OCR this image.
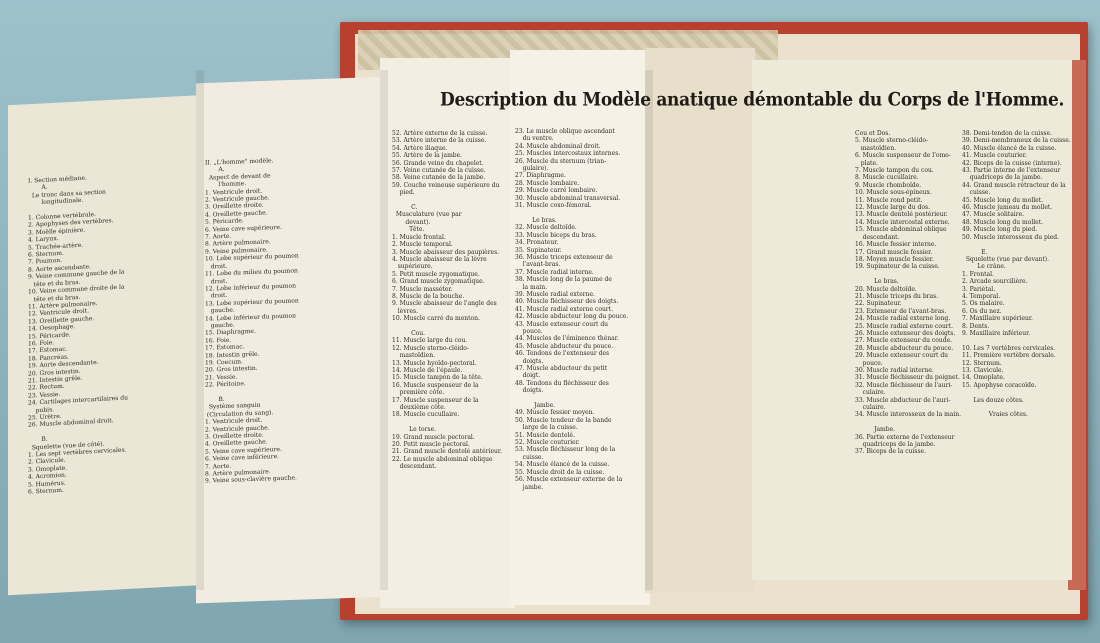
Description du Modèle anatique démontable du Corps de l'Homme.
I. Section médiane.
A.
Le tronc dans sa section
longitudinale.

1. Colonne vertébrale.
2. Apophyses des vertèbres.
3. Moëlle épinière.
4. Larynx.
5. Trachée-artère.
6. Sternum.
7. Poumon.
8. Aorte ascendante.
9. Veine commune gauche de la
tête et du bras.
10. Veine commune droite de la
tête et du bras.
11. Artère pulmonaire.
12. Ventricule droit.
13. Oreillette gauche.
14. Oesophage.
15. Péricarde.
16. Foie.
17. Estomac.
18. Pancréas.
19. Aorte descendante.
20. Gros intestin.
21. Intestin grêle.
22. Rectum.
23. Vessie.
24. Cartilages intercartilaires du
pubis.
25. Urètre.
26. Muscle abdominal droit.

B.
Squelette (vue de côté).
1. Les sept vertèbres cervicales.
2. Clavicule.
3. Omoplate.
4. Acromion.
5. Humérus.
6. Sternum.
II. „L'homme" modèle.
A.
Aspect de devant de
l'homme.
1. Ventricule droit.
2. Ventricule gauche.
3. Oreillette droite.
4. Oreillette gauche.
5. Péricarde.
6. Veine cave supérieure.
7. Aorte.
8. Artère pulmonaire.
9. Veine pulmonaire.
10. Lobe supérieur du poumon
droit.
11. Lobe du milieu du poumon
droit.
12. Lobe inférieur du poumon
droit.
13. Lobe supérieur du poumon
gauche.
14. Lobe inférieur du poumon
gauche.
15. Diaphragme.
16. Foie.
17. Estomac.
18. Intestin grêle.
19. Coecum.
20. Gros intestin.
21. Vessie.
22. Péritoine.

B.
Système sanguin
(Circulation du sang).
1. Ventricule droit.
2. Ventricule gauche.
3. Oreillette droite.
4. Oreillette gauche.
5. Veine cave supérieure.
6. Veine cave inférieure.
7. Aorte.
8. Artère pulmonaire.
9. Veine sous-clavière gauche.
52. Artère externe de la cuisse.
53. Artère interne de la cuisse.
54. Artère iliaque.
55. Artère de la jambe.
56. Grande veine du chapelet.
57. Veine cutanée de la cuisse.
58. Veine cutanée de la jambe.
59. Couche veineuse supérieure du
pied.

C.
Musculature (vue par
devant).
Tête.
1. Muscle frontal.
2. Muscle temporal.
3. Muscle abaisseur des paupières.
4. Muscle abaisseur de la lèvre
supérieure.
5. Petit muscle zygomatique.
6. Grand muscle zygomatique.
7. Muscle masséter.
8. Muscle de la bouche.
9. Muscle abaisseur de l'angle des
lèvres.
10. Muscle carré du menton.

Cou.
11. Muscle large du cou.
12. Muscle sterno-cléido-
mastoïdien.
13. Muscle hyoïdo-pectoral.
14. Muscle de l'épaule.
15. Muscle tampon de la tête.
16. Muscle suspenseur de la
première côte.
17. Muscle suspenseur de la
deuxième côte.
18. Muscle cucullaire.

Le torse.
19. Grand muscle pectoral.
20. Petit muscle pectoral.
21. Grand muscle dentelé antérieur.
22. Le muscle abdominal oblique
descendant.
23. Le muscle oblique ascendant
du ventre.
24. Muscle abdominal droit.
25. Muscles intercostaux internes.
26. Muscle du sternum (trian-
gulaire).
27. Diaphragme.
28. Muscle lombaire.
29. Muscle carré lombaire.
30. Muscle abdominal transversal.
31. Muscle coxo-fémoral.

Le bras.
32. Muscle deltoïde.
33. Muscle biceps du bras.
34. Pronateur.
35. Supinateur.
36. Muscle triceps extenseur de
l'avant-bras.
37. Muscle radial interne.
38. Muscle long de la paume de
la main.
39. Muscle radial externe.
40. Muscle fléchisseur des doigts.
41. Muscle radial externe court.
42. Muscle abducteur long du pouce.
43. Muscle extenseur court du
pouce.
44. Muscles de l'éminence thénar.
45. Muscle abducteur du pouce.
46. Tendons de l'extenseur des
doigts.
47. Muscle abducteur du petit
doigt.
48. Tendons du fléchisseur des
doigts.

Jambe.
49. Muscle fessier moyen.
50. Muscle tendeur de la bande
large de la cuisse.
51. Muscle dentelé.
52. Muscle couturier.
53. Muscle fléchisseur long de la
cuisse.
54. Muscle élancé de la cuisse.
55. Muscle droit de la cuisse.
56. Muscle extenseur externe de la
jambe.
Cou et Dos.
5. Muscle sterno-cléido-
mastoïdien.
6. Muscle suspenseur de l'omo-
plate.
7. Muscle tampon du cou.
8. Muscle cucullaire.
9. Muscle rhomboïde.
10. Muscle sous-épineux.
11. Muscle rond petit.
12. Muscle large du dos.
13. Muscle dentelé postérieur.
14. Muscle intercostal externe.
15. Muscle abdominal oblique
descendant.
16. Muscle fessier interne.
17. Grand muscle fessier.
18. Moyen muscle fessier.
19. Supinateur de la cuisse.

Le bras.
20. Muscle deltoïde.
21. Muscle triceps du bras.
22. Supinateur.
23. Extenseur de l'avant-bras.
24. Muscle radial externe long.
25. Muscle radial externe court.
26. Muscle extenseur des doigts.
27. Muscle extenseur du coude.
28. Muscle abducteur du pouce.
29. Muscle extenseur court du
pouce.
30. Muscle radial interne.
31. Muscle fléchisseur du poignet.
32. Muscle fléchisseur de l'auri-
culaire.
33. Muscle abducteur de l'auri-
culaire.
34. Muscle interosseux de la main.

Jambe.
36. Partie externe de l'extenseur
quadriceps de la jambe.
37. Biceps de la cuisse.
38. Demi-tendon de la cuisse.
39. Demi-membraneux de la cuisse.
40. Muscle élancé de la cuisse.
41. Muscle couturier.
42. Biceps de la cuisse (interne).
43. Partie interne de l'extenseur
quadriceps de la jambe.
44. Grand muscle rétracteur de la
cuisse.
45. Muscle long du mollet.
46. Muscle jumeau du mollet.
47. Muscle solitaire.
48. Muscle long du mollet.
49. Muscle long du pied.
50. Muscle interosseux du pied.

E.
Squelette (vue par devant).
Le crâne.
1. Frontal.
2. Arcade sourcilière.
3. Pariétal.
4. Temporal.
5. Os malaire.
6. Os du nez.
7. Maxillaire supérieur.
8. Dents.
9. Maxillaire inférieur.

10. Les 7 vertèbres cervicales.
11. Première vertèbre dorsale.
12. Sternum.
13. Clavicule.
14. Omoplate.
15. Apophyse coracoïde.

Les douze côtes.

Vraies côtes.
